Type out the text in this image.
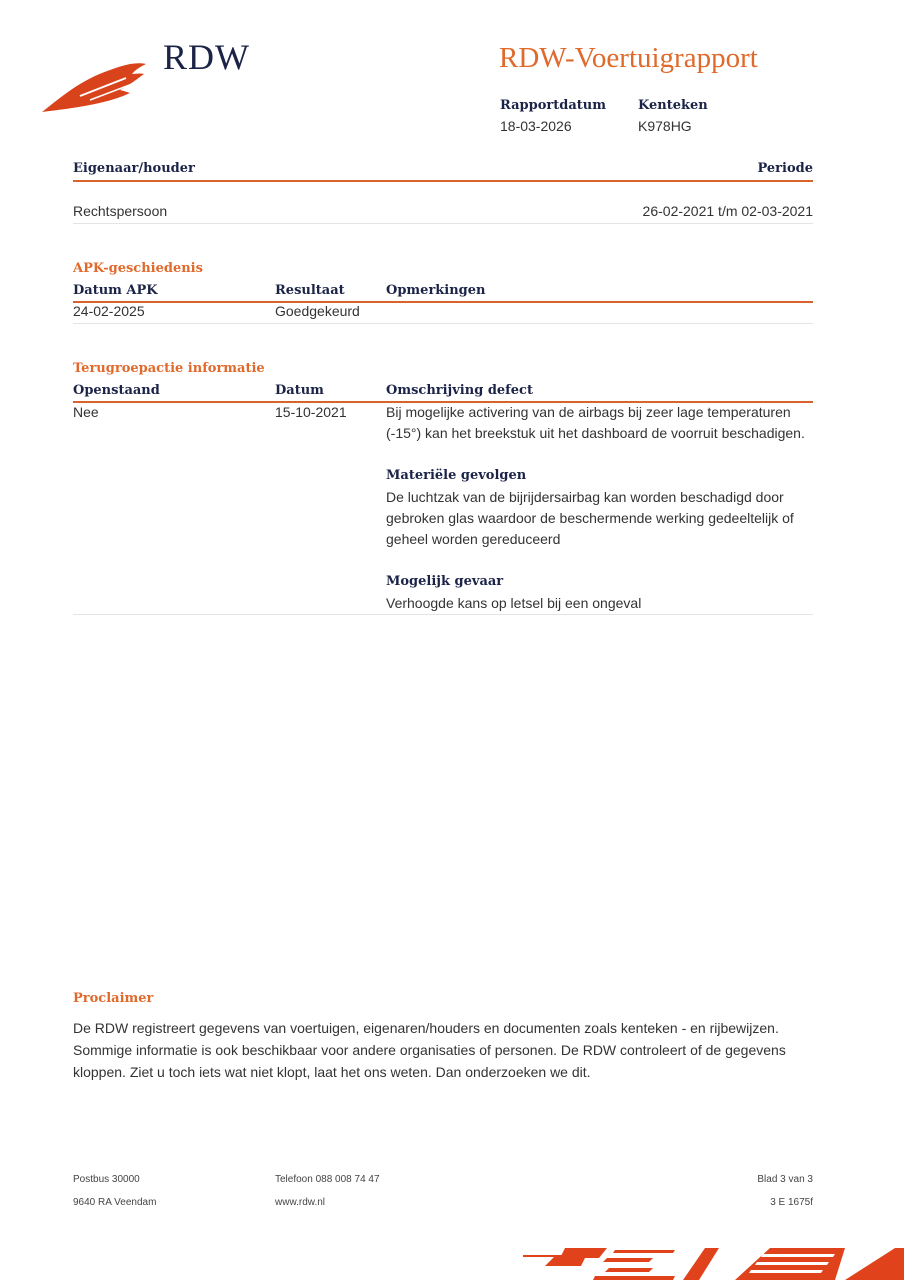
RDW	RDW-Voertuigrapport
Rapportdatum
18-03-2026
Kenteken
K978HG
Eigenaar/houder	Periode
Rechtspersoon	26-02-2021 t/m 02-03-2021
APK-geschiedenis
Datum APK	Resultaat	Opmerkingen
24-02-2025	Goedgekeurd
Terugroepactie informatie
Openstaand	Datum	Omschrijving defect
Nee	15-10-2021	Bij mogelijke activering van de airbags bij zeer lage temperaturen
(-15°) kan het breekstuk uit het dashboard de voorruit beschadigen.
Materiële gevolgen
De luchtzak van de bijrijdersairbag kan worden beschadigd door
gebroken glas waardoor de beschermende werking gedeeltelijk of
geheel worden gereduceerd
Mogelijk gevaar
Verhoogde kans op letsel bij een ongeval
Proclaimer
De RDW registreert gegevens van voertuigen, eigenaren/houders en documenten zoals kenteken - en rijbewijzen.
Sommige informatie is ook beschikbaar voor andere organisaties of personen. De RDW controleert of de gegevens
kloppen. Ziet u toch iets wat niet klopt, laat het ons weten. Dan onderzoeken we dit.
Postbus 30000
9640 RA Veendam
Telefoon 088 008 74 47
www.rdw.nl
Blad 3 van 3
3 E 1675f
